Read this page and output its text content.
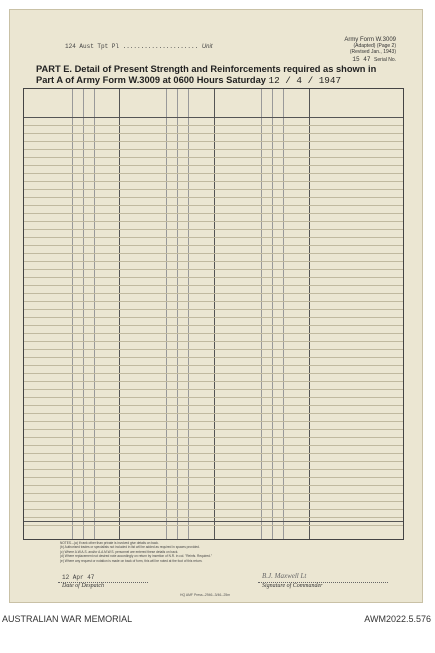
124 Aust Tpt Pl ..................... Unit
Army Form W.3009
(Adapted) (Page 2)
(Revised Jan., 1943)
15 47 Serial No.
PART E. Detail of Present Strength and Reinforcements required as shown in
Part A of Army Form W.3009 at 0600 Hours Saturday 12 / 4 / 1947
NOTES.--(a) If rank other than private is involved give details on back.
(b) Authorised trades or specialists not included in list will be added as required in spaces provided.
(c) Where A.W.A.S. and/or A.A.M.W.S. personnel are entered these details on back.
(d) Where replacement not desired note accordingly on return by insertion of N.R. in col. "Reinfs. Required."
(e) Where any request or notation is made on back of form, this will be noted at the foot of this return.
12 Apr 47
Date of Despatch
B.J. Maxwell Lt
Signature of Commander
HQ AMF Press--2946--3/46--25m
AUSTRALIAN WAR MEMORIAL	AWM2022.5.576
